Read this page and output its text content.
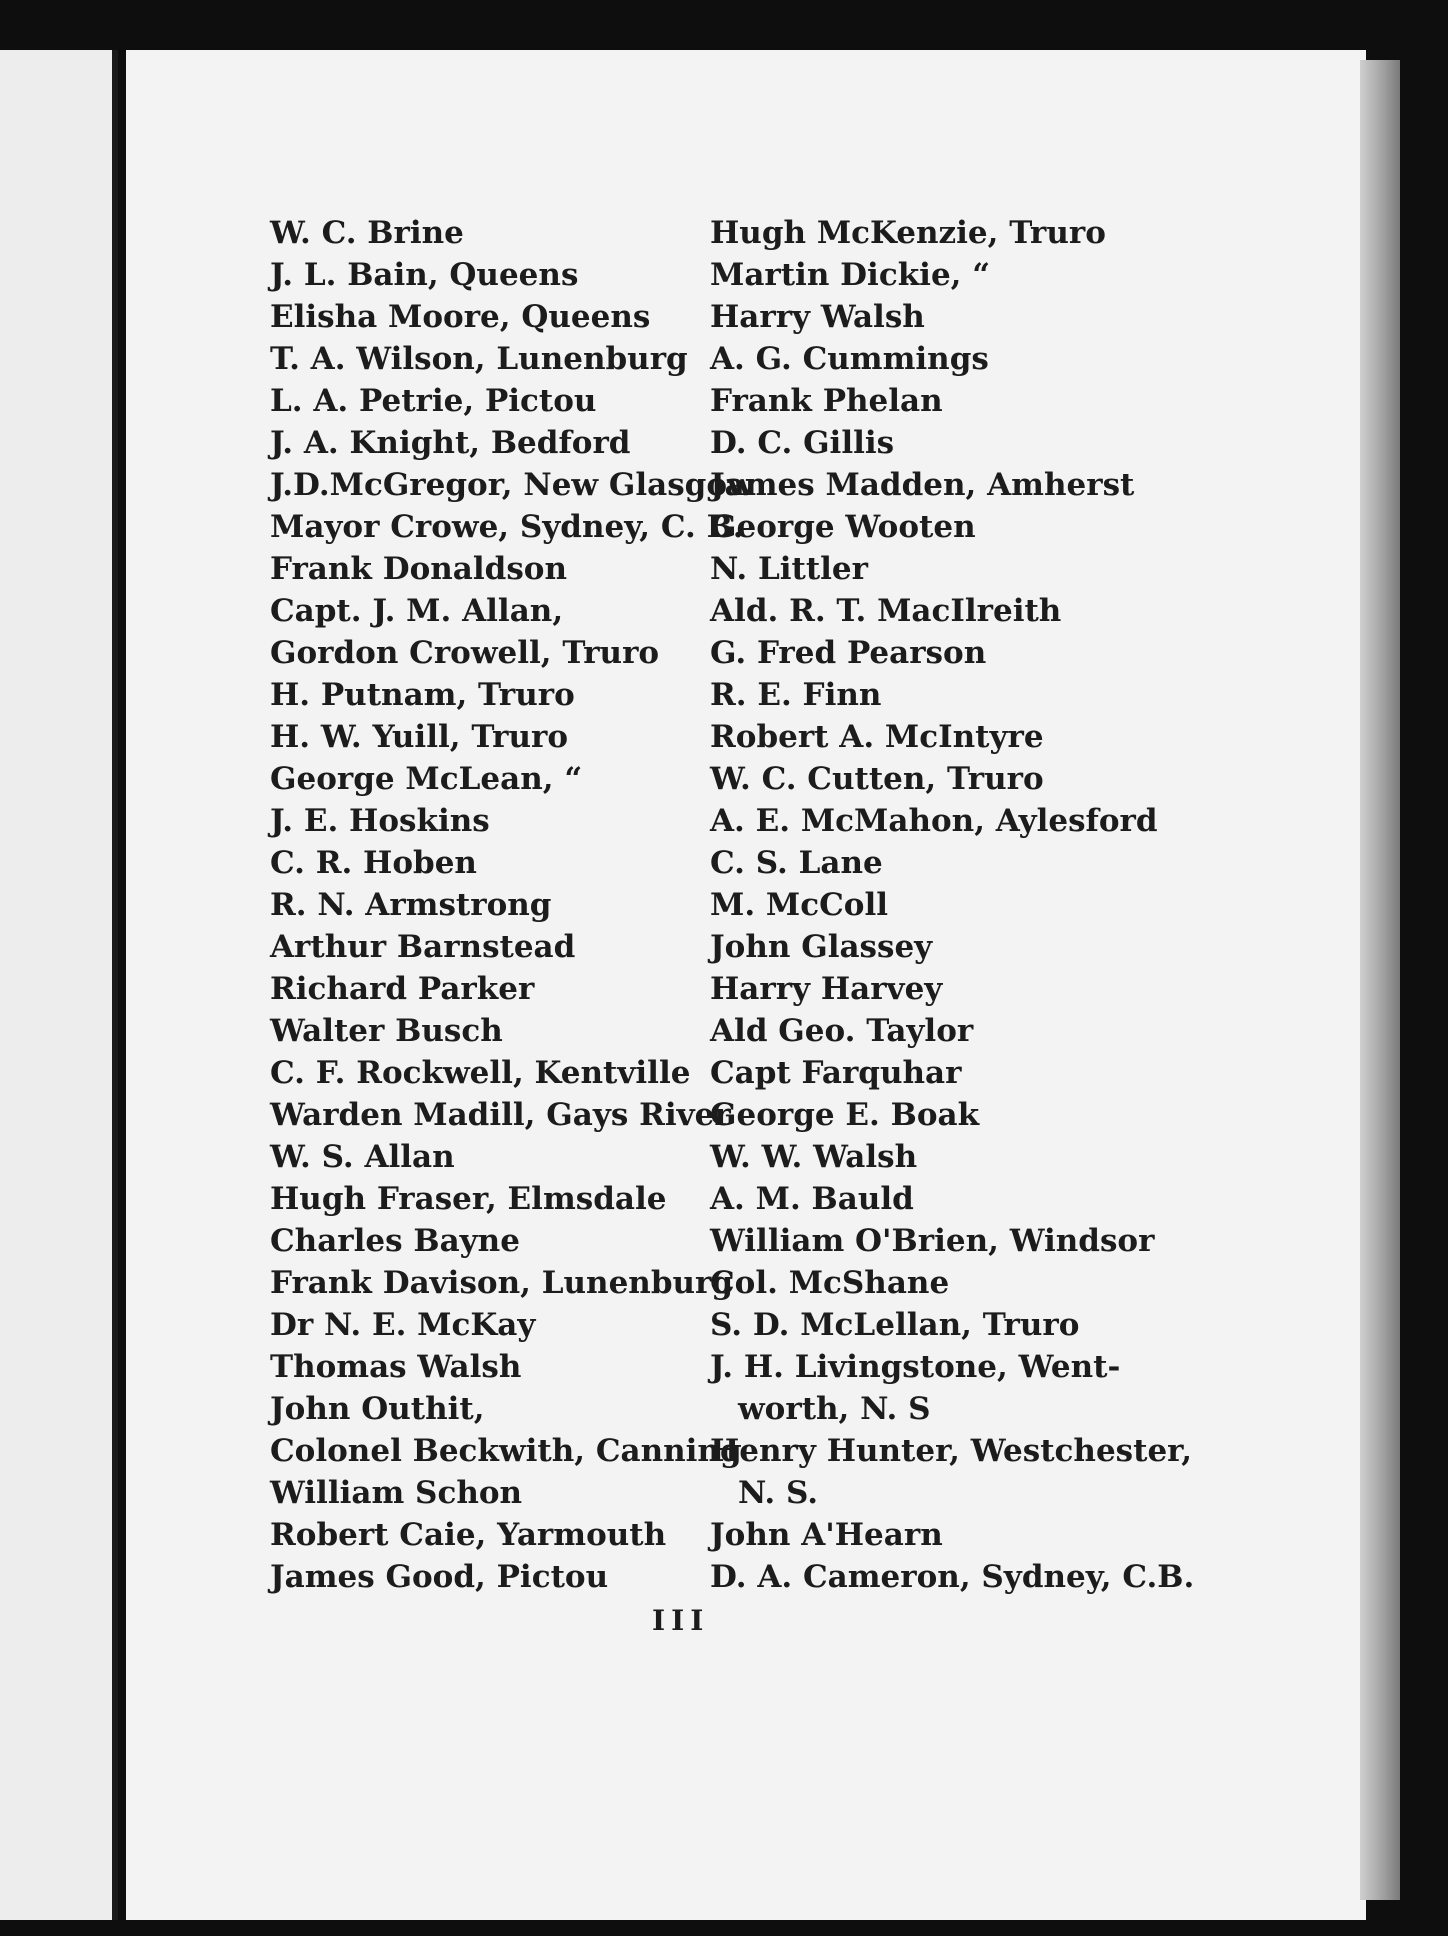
W. C. Brine
J. L. Bain, Queens
Elisha Moore, Queens
T. A. Wilson, Lunenburg
L. A. Petrie, Pictou
J. A. Knight, Bedford
J.D.McGregor, New Glasgow
Mayor Crowe, Sydney, C. B.
Frank Donaldson
Capt. J. M. Allan,
Gordon Crowell, Truro
H. Putnam, Truro
H. W. Yuill, Truro
George McLean, “
J. E. Hoskins
C. R. Hoben
R. N. Armstrong
Arthur Barnstead
Richard Parker
Walter Busch
C. F. Rockwell, Kentville
Warden Madill, Gays River
W. S. Allan
Hugh Fraser, Elmsdale
Charles Bayne
Frank Davison, Lunenburg
Dr N. E. McKay
Thomas Walsh
John Outhit,
Colonel Beckwith, Canning
William Schon
Robert Caie, Yarmouth
James Good, Pictou
Hugh McKenzie, Truro
Martin Dickie, “
Harry Walsh
A. G. Cummings
Frank Phelan
D. C. Gillis
James Madden, Amherst
George Wooten
N. Littler
Ald. R. T. MacIlreith
G. Fred Pearson
R. E. Finn
Robert A. McIntyre
W. C. Cutten, Truro
A. E. McMahon, Aylesford
C. S. Lane
M. McColl
John Glassey
Harry Harvey
Ald Geo. Taylor
Capt Farquhar
George E. Boak
W. W. Walsh
A. M. Bauld
William O'Brien, Windsor
Col. McShane
S. D. McLellan, Truro
J. H. Livingstone, Went-
worth, N. S
Henry Hunter, Westchester,
N. S.
John A'Hearn
D. A. Cameron, Sydney, C.B.
III
